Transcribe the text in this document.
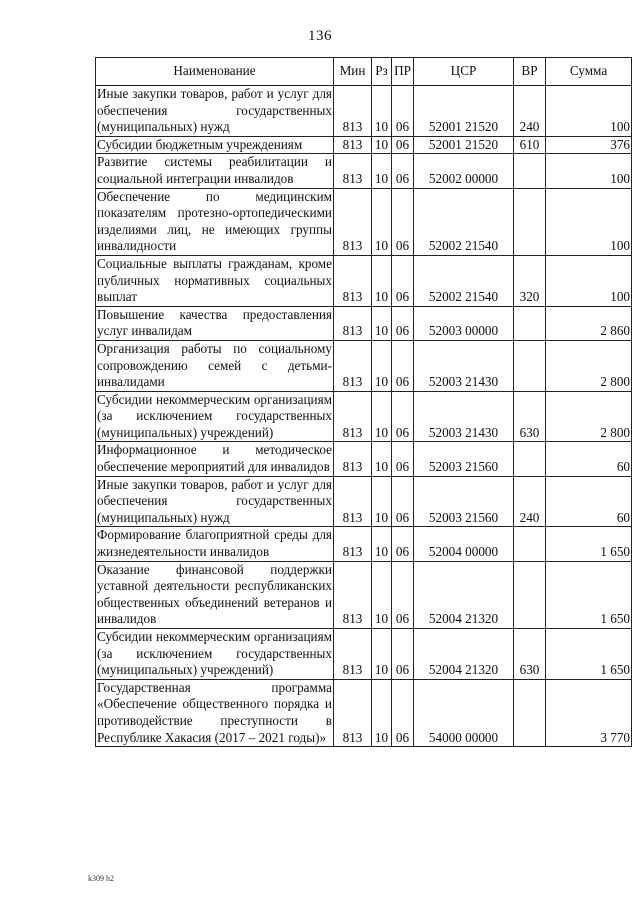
136
Наименование	Мин	Рз	ПР	ЦСР	ВР	Сумма
Иные закупки товаров, работ и услуг для обеспечения государственных (муниципальных) нужд	813	10	06	52001 21520	240	100
Субсидии бюджетным учреждениям	813	10	06	52001 21520	610	376
Развитие системы реабилитации и социальной интеграции инвалидов	813	10	06	52002 00000		100
Обеспечение по медицинским показателям протезно-ортопедическими изделиями лиц, не имеющих группы инвалидности	813	10	06	52002 21540		100
Социальные выплаты гражданам, кроме публичных нормативных социальных выплат	813	10	06	52002 21540	320	100
Повышение качества предоставления услуг инвалидам	813	10	06	52003 00000		2 860
Организация работы по социальному сопровождению семей с детьми-инвалидами	813	10	06	52003 21430		2 800
Субсидии некоммерческим организациям (за исключением государственных (муниципальных) учреждений)	813	10	06	52003 21430	630	2 800
Информационное и методическое обеспечение мероприятий для инвалидов	813	10	06	52003 21560		60
Иные закупки товаров, работ и услуг для обеспечения государственных (муниципальных) нужд	813	10	06	52003 21560	240	60
Формирование благоприятной среды для жизнедеятельности инвалидов	813	10	06	52004 00000		1 650
Оказание финансовой поддержки уставной деятельности республиканских общественных объединений ветеранов и инвалидов	813	10	06	52004 21320		1 650
Субсидии некоммерческим организациям (за исключением государственных (муниципальных) учреждений)	813	10	06	52004 21320	630	1 650
Государственная программа «Обеспечение общественного порядка и противодействие преступности в Республике Хакасия (2017 – 2021 годы)»	813	10	06	54000 00000		3 770
k309 h2
